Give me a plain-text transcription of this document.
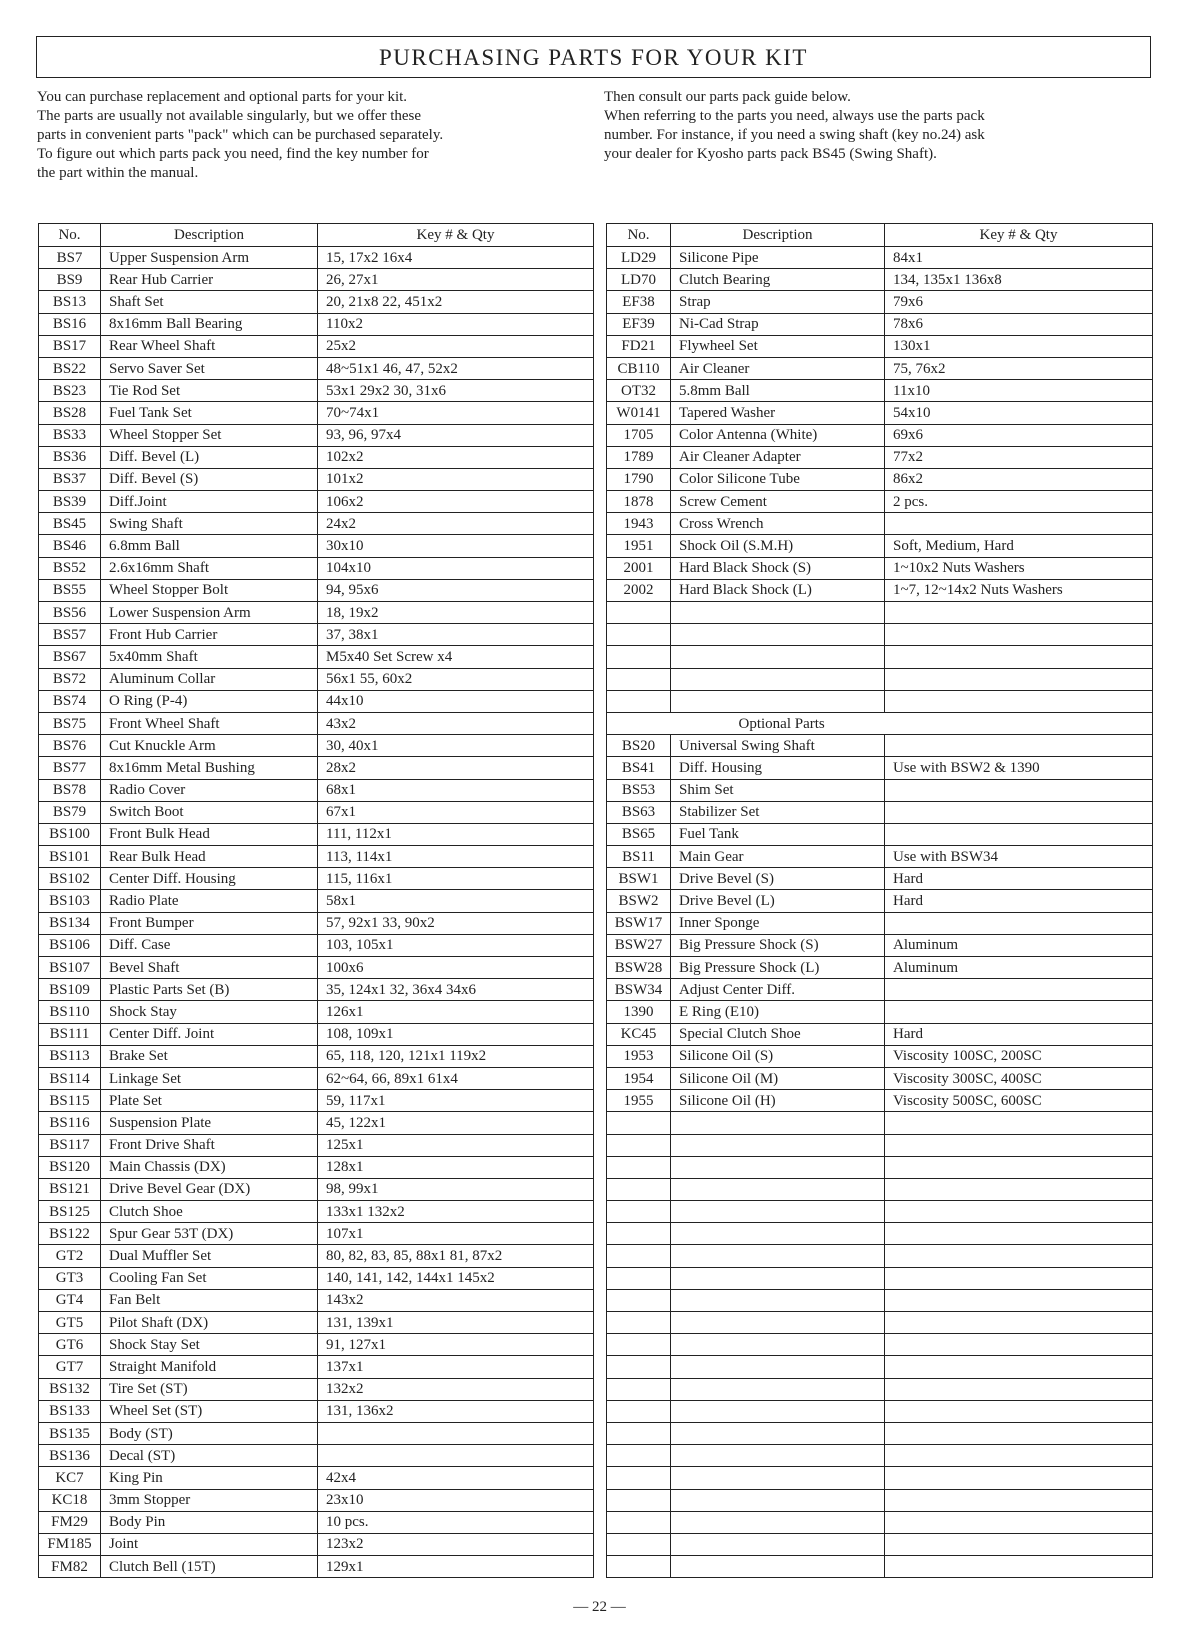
PURCHASING PARTS FOR YOUR KIT

You can purchase replacement and optional parts for your kit.

The parts are usually not available singularly, but we offer these

parts in convenient parts "pack" which can be purchased separately.

To figure out which parts pack you need, find the key number for

the part within the manual.

Then consult our parts pack guide below.

When referring to the parts you need, always use the parts pack

number. For instance, if you need a swing shaft (key no.24) ask

your dealer for Kyosho parts pack BS45 (Swing Shaft).

No.	Description	Key # & Qty
BS7	Upper Suspension Arm	15, 17x2 16x4
BS9	Rear Hub Carrier	26, 27x1
BS13	Shaft Set	20, 21x8 22, 451x2
BS16	8x16mm Ball Bearing	110x2
BS17	Rear Wheel Shaft	25x2
BS22	Servo Saver Set	48~51x1 46, 47, 52x2
BS23	Tie Rod Set	53x1 29x2 30, 31x6
BS28	Fuel Tank Set	70~74x1
BS33	Wheel Stopper Set	93, 96, 97x4
BS36	Diff. Bevel (L)	102x2
BS37	Diff. Bevel (S)	101x2
BS39	Diff.Joint	106x2
BS45	Swing Shaft	24x2
BS46	6.8mm Ball	30x10
BS52	2.6x16mm Shaft	104x10
BS55	Wheel Stopper Bolt	94, 95x6
BS56	Lower Suspension Arm	18, 19x2
BS57	Front Hub Carrier	37, 38x1
BS67	5x40mm Shaft	M5x40 Set Screw x4
BS72	Aluminum Collar	56x1 55, 60x2
BS74	O Ring (P-4)	44x10
BS75	Front Wheel Shaft	43x2
BS76	Cut Knuckle Arm	30, 40x1
BS77	8x16mm Metal Bushing	28x2
BS78	Radio Cover	68x1
BS79	Switch Boot	67x1
BS100	Front Bulk Head	111, 112x1
BS101	Rear Bulk Head	113, 114x1
BS102	Center Diff. Housing	115, 116x1
BS103	Radio Plate	58x1
BS134	Front Bumper	57, 92x1 33, 90x2
BS106	Diff. Case	103, 105x1
BS107	Bevel Shaft	100x6
BS109	Plastic Parts Set (B)	35, 124x1 32, 36x4 34x6
BS110	Shock Stay	126x1
BS111	Center Diff. Joint	108, 109x1
BS113	Brake Set	65, 118, 120, 121x1 119x2
BS114	Linkage Set	62~64, 66, 89x1 61x4
BS115	Plate Set	59, 117x1
BS116	Suspension Plate	45, 122x1
BS117	Front Drive Shaft	125x1
BS120	Main Chassis (DX)	128x1
BS121	Drive Bevel Gear (DX)	98, 99x1
BS125	Clutch Shoe	133x1 132x2
BS122	Spur Gear 53T (DX)	107x1
GT2	Dual Muffler Set	80, 82, 83, 85, 88x1 81, 87x2
GT3	Cooling Fan Set	140, 141, 142, 144x1 145x2
GT4	Fan Belt	143x2
GT5	Pilot Shaft (DX)	131, 139x1
GT6	Shock Stay Set	91, 127x1
GT7	Straight Manifold	137x1
BS132	Tire Set (ST)	132x2
BS133	Wheel Set (ST)	131, 136x2
BS135	Body (ST)	
BS136	Decal (ST)	
KC7	King Pin	42x4
KC18	3mm Stopper	23x10
FM29	Body Pin	10 pcs.
FM185	Joint	123x2
FM82	Clutch Bell (15T)	129x1
No.	Description	Key # & Qty
LD29	Silicone Pipe	84x1
LD70	Clutch Bearing	134, 135x1 136x8
EF38	Strap	79x6
EF39	Ni-Cad Strap	78x6
FD21	Flywheel Set	130x1
CB110	Air Cleaner	75, 76x2
OT32	5.8mm Ball	11x10
W0141	Tapered Washer	54x10
1705	Color Antenna (White)	69x6
1789	Air Cleaner Adapter	77x2
1790	Color Silicone Tube	86x2
1878	Screw Cement	2 pcs.
1943	Cross Wrench	
1951	Shock Oil (S.M.H)	Soft, Medium, Hard
2001	Hard Black Shock (S)	1~10x2 Nuts Washers
2002	Hard Black Shock (L)	1~7, 12~14x2 Nuts Washers

	Optional Parts	
BS20	Universal Swing Shaft	
BS41	Diff. Housing	Use with BSW2 & 1390
BS53	Shim Set	
BS63	Stabilizer Set	
BS65	Fuel Tank	
BS11	Main Gear	Use with BSW34
BSW1	Drive Bevel (S)	Hard
BSW2	Drive Bevel (L)	Hard
BSW17	Inner Sponge	
BSW27	Big Pressure Shock (S)	Aluminum
BSW28	Big Pressure Shock (L)	Aluminum
BSW34	Adjust Center Diff.	
1390	E Ring (E10)	
KC45	Special Clutch Shoe	Hard
1953	Silicone Oil (S)	Viscosity 100SC, 200SC
1954	Silicone Oil (M)	Viscosity 300SC, 400SC
1955	Silicone Oil (H)	Viscosity 500SC, 600SC

— 22 —
